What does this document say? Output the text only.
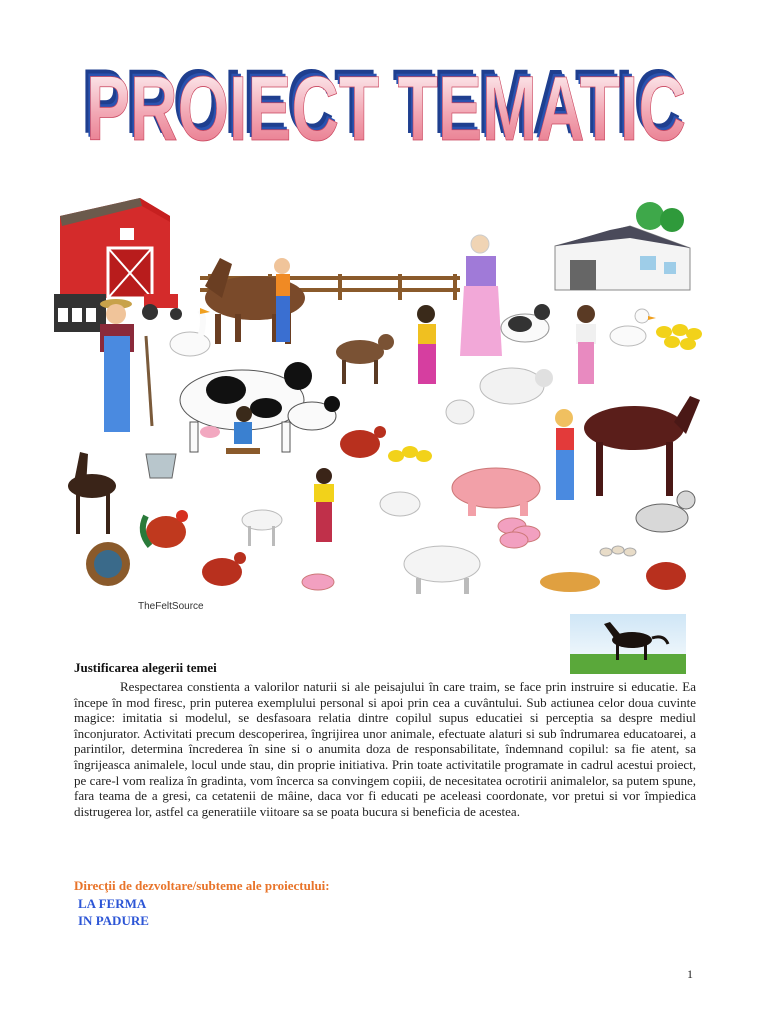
PROIECT TEMATIC
PROIECT TEMATIC
PROIECT TEMATIC
TheFeltSource
Justificarea alegerii temei
Respectarea constienta a valorilor naturii si ale peisajului în care traim, se face prin instruire si educatie. Ea începe în mod firesc, prin puterea exemplului personal si apoi prin cea a cuvântului. Sub actiunea celor doua cuvinte magice: imitatia si modelul, se desfasoara relatia dintre copilul supus educatiei si perceptia sa despre mediul înconjurator. Activitati precum descoperirea, îngrijirea unor animale, efectuate alaturi si sub îndrumarea educatoarei, a parintilor, determina încrederea în sine si o anumita doza de responsabilitate, îndemnand copilul: sa fie atent, sa îngrijeasca animalele, locul unde stau, din proprie initiativa. Prin toate activitatile programate in cadrul acestui proiect, pe care-l vom realiza în gradinta, vom încerca sa convingem copiii, de necesitatea ocrotirii animalelor, sa putem spune, fara teama de a gresi, ca cetatenii de mâine, daca vor fi educati pe aceleasi coordonate, vor pretui si vor împiedica distrugerea lor, astfel ca generatiile viitoare sa se poata bucura si beneficia de acestea.
Direcţii de dezvoltare/subteme ale proiectului:
LA FERMA
IN PADURE
1
